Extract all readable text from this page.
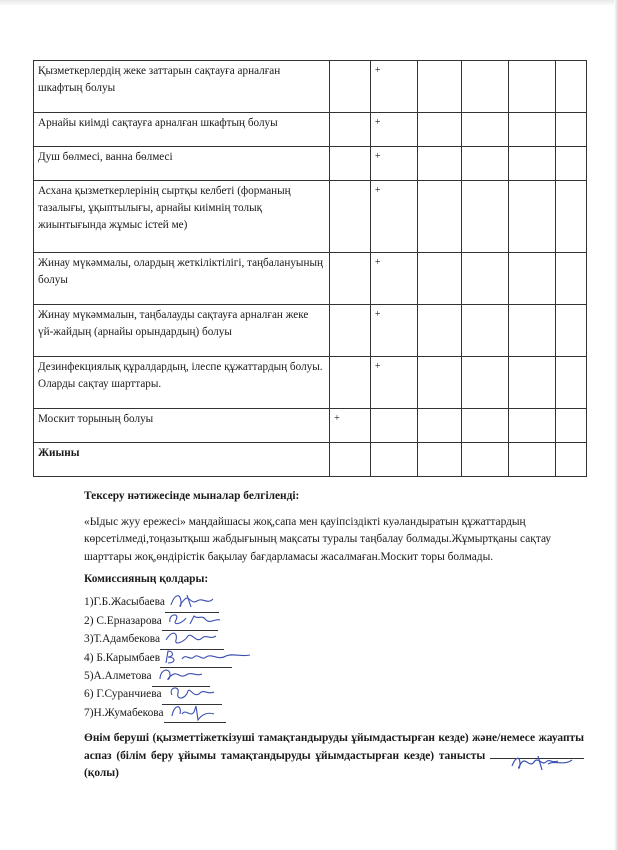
Қызметкерлердің жеке заттарын сақтауға арналған шкафтың болуы		+				
Арнайы киімді сақтауға арналған шкафтың болуы		+				
Душ бөлмесі, ванна бөлмесі		+				
Асхана қызметкерлерінің сыртқы келбеті (форманың тазалығы, ұқыптылығы, арнайы киімнің толық жиынтығында жұмыс істей ме)		+				
Жинау мүкәммалы, олардың жеткіліктілігі, таңбалануының болуы		+				
Жинау мүкәммалын, таңбалауды сақтауға арналған жеке үй-жайдың (арнайы орындардың) болуы		+				
Дезинфекциялық құралдардың, ілеспе құжаттардың болуы. Оларды сақтау шарттары.		+				
Москит торының болуы	+					
Жиыны						

Тексеру нәтижесінде мыналар белгіленді:

«Ыдыс жуу ережесі» маңдайшасы жоқ,сапа мен қауіпсіздікті куәландыратын құжаттардың көрсетілмеді,тоңазытқыш жабдығының мақсаты туралы таңбалау болмады.Жұмыртқаны сақтау шарттары жоқ,өндірістік бақылау бағдарламасы жасалмаған.Москит торы болмады.

Комиссияның қолдары:

1)Г.Б.Жасыбаева
2) С.Ерназарова
3)Т.Адамбекова
4) Б.Карымбаев
5)А.Алметова
6) Г.Суранчиева
7)Н.Жумабекова
Өнім беруші (қызметтіжеткізуші тамақтандыруды ұйымдастырған кезде) және/немесе жауапты аспаз (білім беру ұйымы тамақтандыруды ұйымдастырған кезде) танысты
(қолы)
